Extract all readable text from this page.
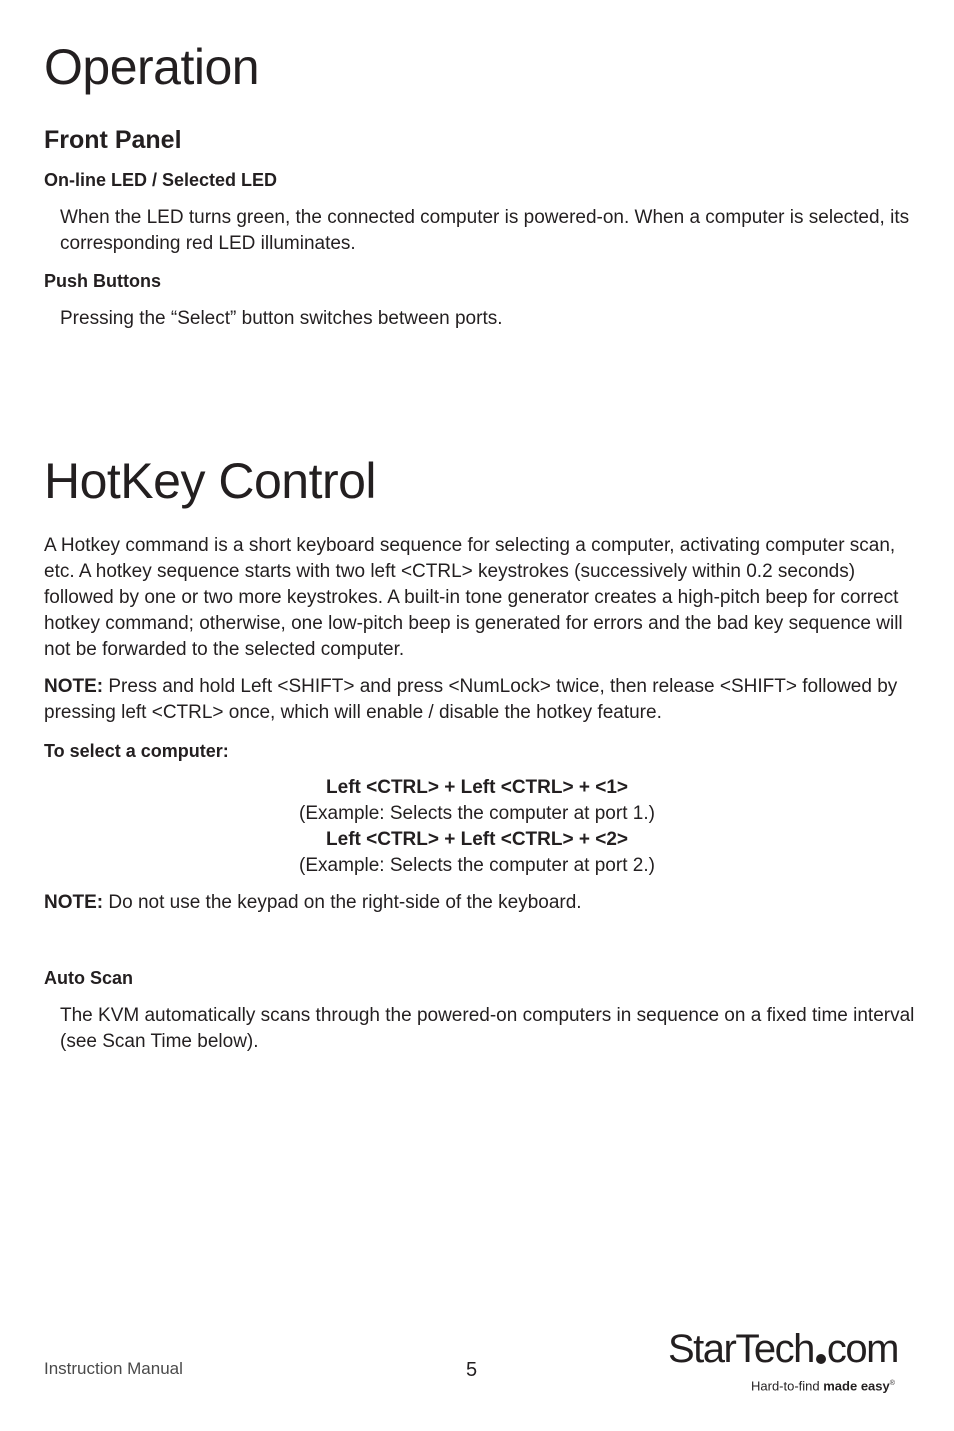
Operation
Front Panel
On-line LED / Selected LED

When the LED turns green, the connected computer is powered-on. When a computer is selected, its corresponding red LED illuminates.

Push Buttons

Pressing the “Select” button switches between ports.

HotKey Control

A Hotkey command is a short keyboard sequence for selecting a computer, activating computer scan, etc. A hotkey sequence starts with two left <CTRL> keystrokes (successively within 0.2 seconds) followed by one or two more keystrokes. A built-in tone generator creates a high-pitch beep for correct hotkey command; otherwise, one low-pitch beep is generated for errors and the bad key sequence will not be forwarded to the selected computer.

NOTE: Press and hold Left <SHIFT> and press <NumLock> twice, then release <SHIFT> followed by pressing left <CTRL> once, which will enable / disable the hotkey feature.

To select a computer:

Left <CTRL> + Left <CTRL> + <1>

(Example: Selects the computer at port 1.)

Left <CTRL> + Left <CTRL> + <2>

(Example: Selects the computer at port 2.)

NOTE: Do not use the keypad on the right-side of the keyboard.

Auto Scan

The KVM automatically scans through the powered-on computers in sequence on a fixed time interval (see Scan Time below).

Instruction Manual	5	StarTech com
Hard-to-find made easy®
